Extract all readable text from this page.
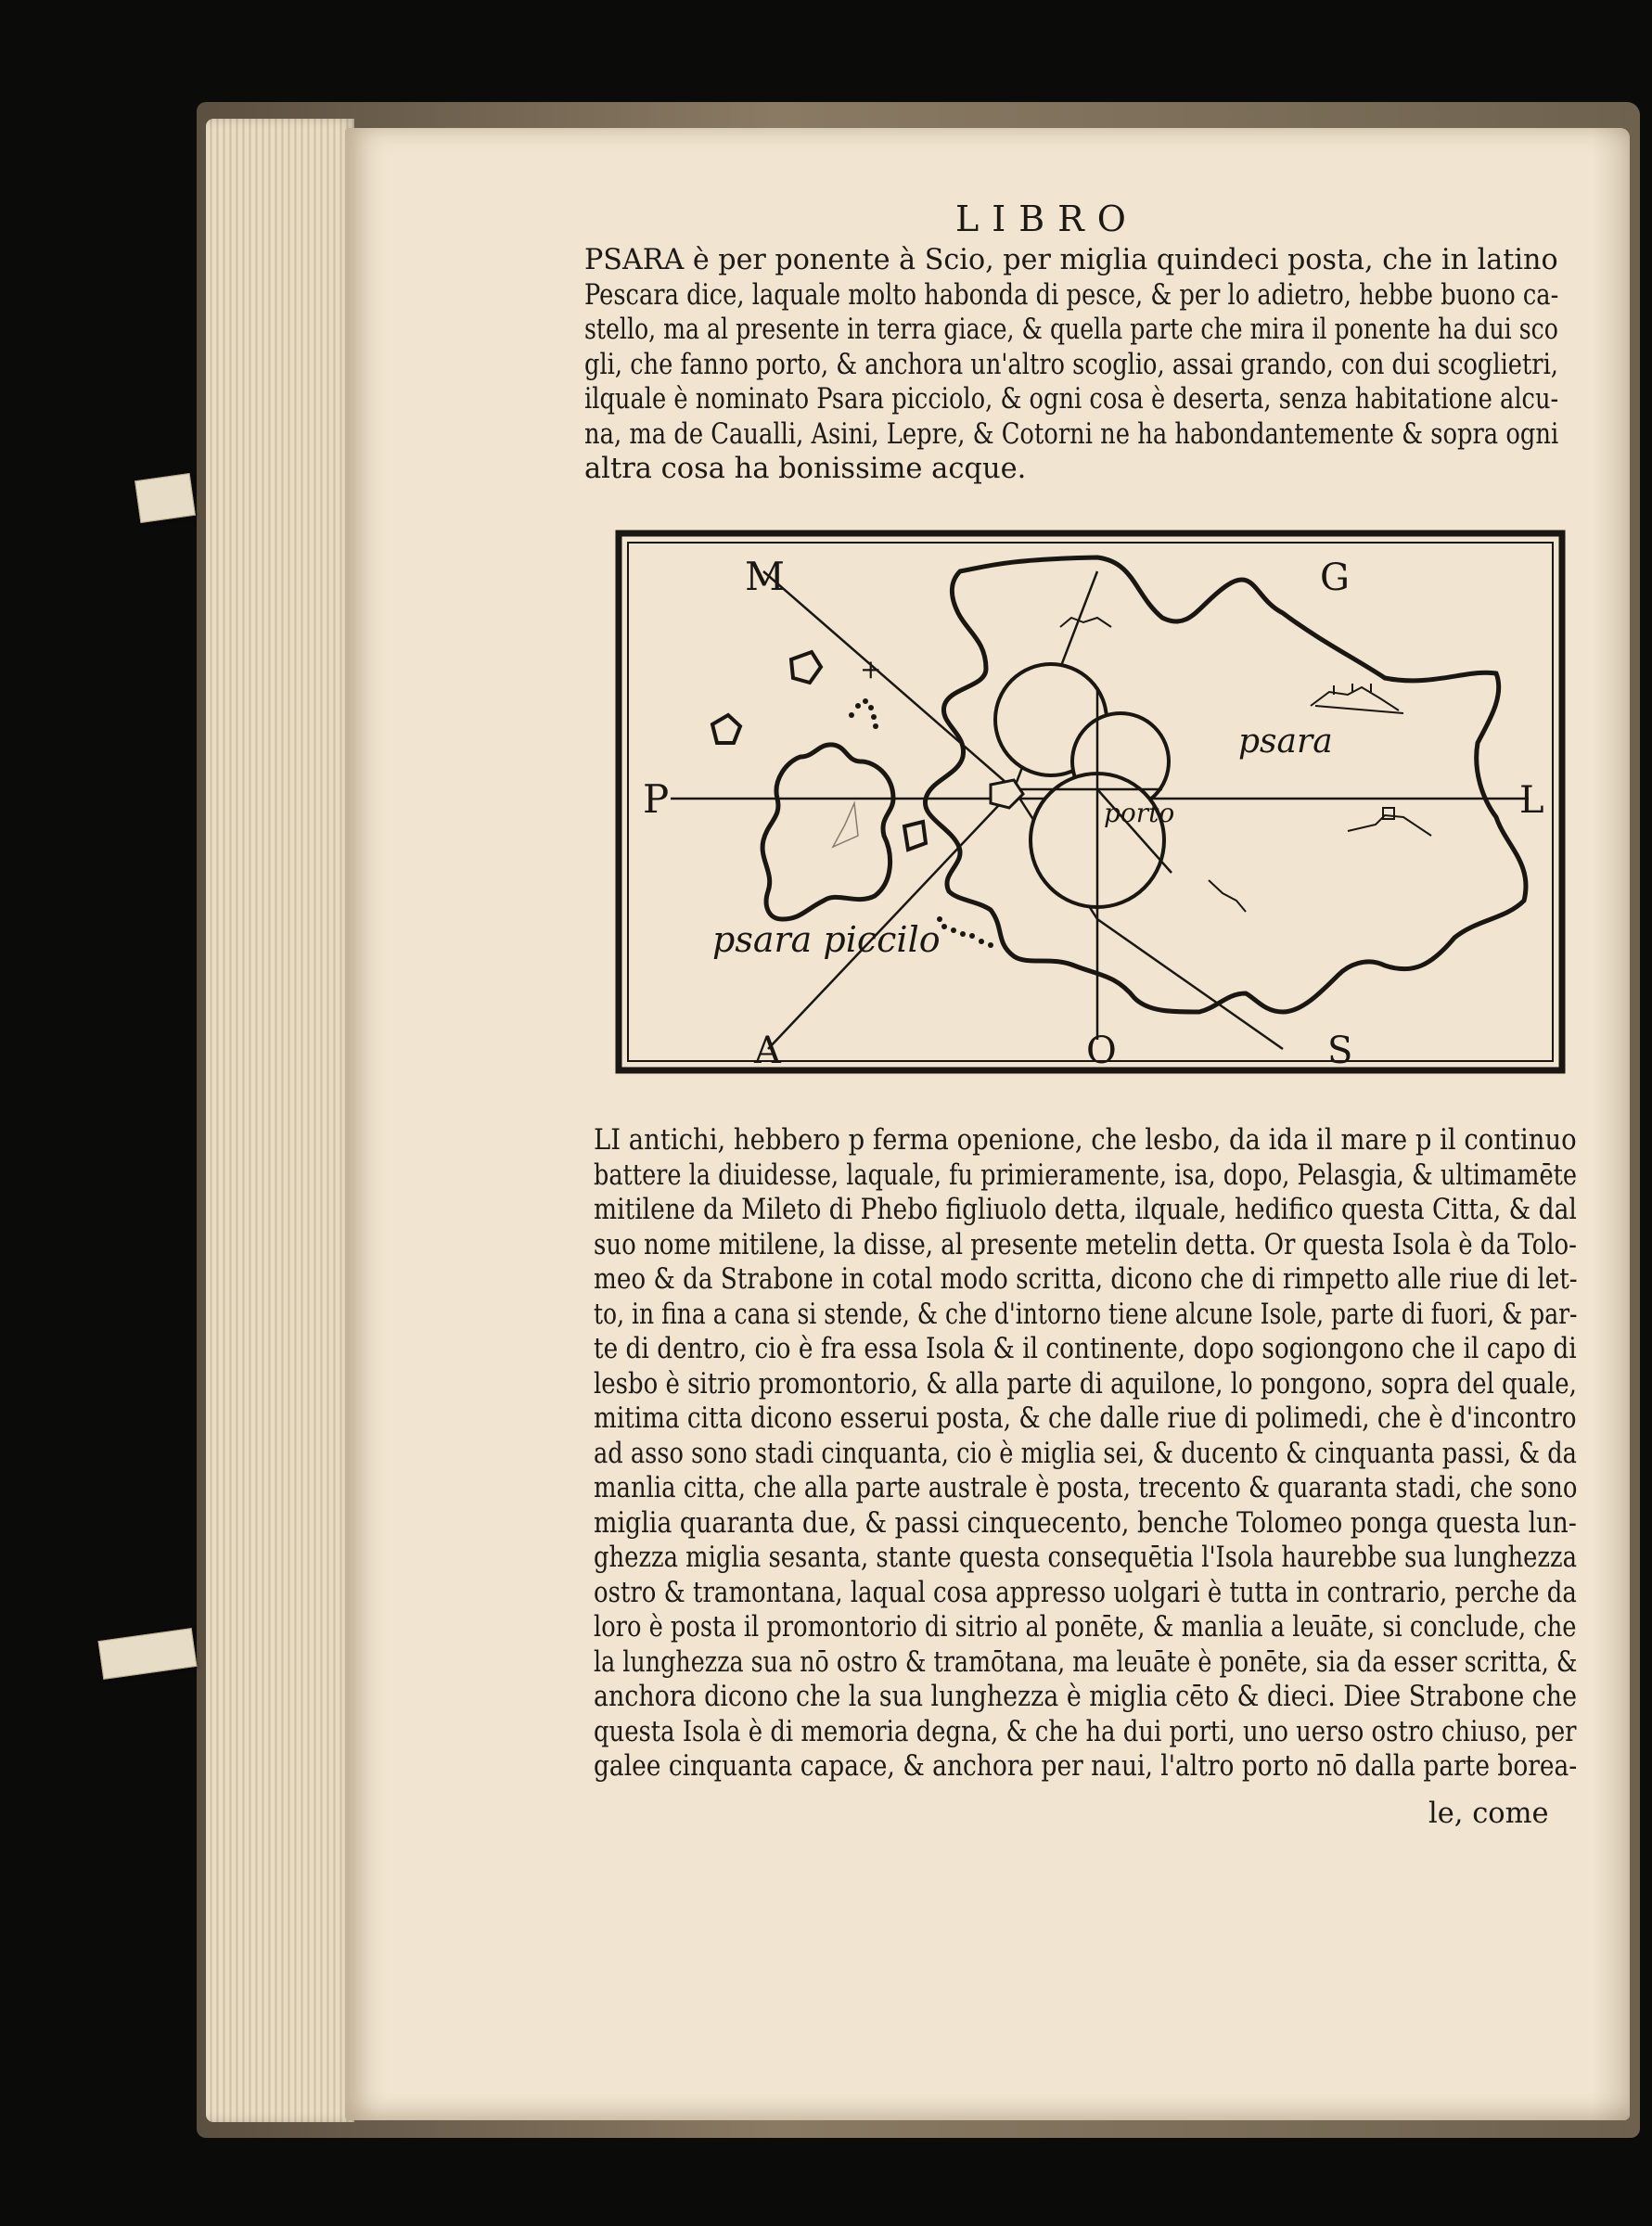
LIBRO
PSARA è per ponente à Scio, per miglia quindeci posta, che in latino
Pescara dice, laquale molto habonda di pesce, & per lo adietro, hebbe buono ca-
stello, ma al presente in terra giace, & quella parte che mira il ponente ha dui sco
gli, che fanno porto, & anchora un'altro scoglio, assai grando, con dui scoglietri,
ilquale è nominato Psara picciolo, & ogni cosa è deserta, senza habitatione alcu-
na, ma de Caualli, Asini, Lepre, & Cotorni ne ha habondantemente & sopra ogni
altra cosa ha bonissime acque.
+
psara
psara piccilo
porto
M	G
P	L
A	O	S
LI antichi, hebbero p ferma openione, che lesbo, da ida il mare p il continuo
battere la diuidesse, laquale, fu primieramente, isa, dopo, Pelasgia, & ultimamēte
mitilene da Mileto di Phebo figliuolo detta, ilquale, hedifico questa Citta, & dal
suo nome mitilene, la disse, al presente metelin detta. Or questa Isola è da Tolo-
meo & da Strabone in cotal modo scritta, dicono che di rimpetto alle riue di let-
to, in fina a cana si stende, & che d'intorno tiene alcune Isole, parte di fuori, & par-
te di dentro, cio è fra essa Isola & il continente, dopo sogiongono che il capo di
lesbo è sitrio promontorio, & alla parte di aquilone, lo pongono, sopra del quale,
mitima citta dicono esserui posta, & che dalle riue di polimedi, che è d'incontro
ad asso sono stadi cinquanta, cio è miglia sei, & ducento & cinquanta passi, & da
manlia citta, che alla parte australe è posta, trecento & quaranta stadi, che sono
miglia quaranta due, & passi cinquecento, benche Tolomeo ponga questa lun-
ghezza miglia sesanta, stante questa consequētia l'Isola haurebbe sua lunghezza
ostro & tramontana, laqual cosa appresso uolgari è tutta in contrario, perche da
loro è posta il promontorio di sitrio al ponēte, & manlia a leuāte, si conclude, che
la lunghezza sua nō ostro & tramōtana, ma leuāte è ponēte, sia da esser scritta, &
anchora dicono che la sua lunghezza è miglia cēto & dieci. Diee Strabone che
questa Isola è di memoria degna, & che ha dui porti, uno uerso ostro chiuso, per
galee cinquanta capace, & anchora per naui, l'altro porto nō dalla parte borea-
le, come
